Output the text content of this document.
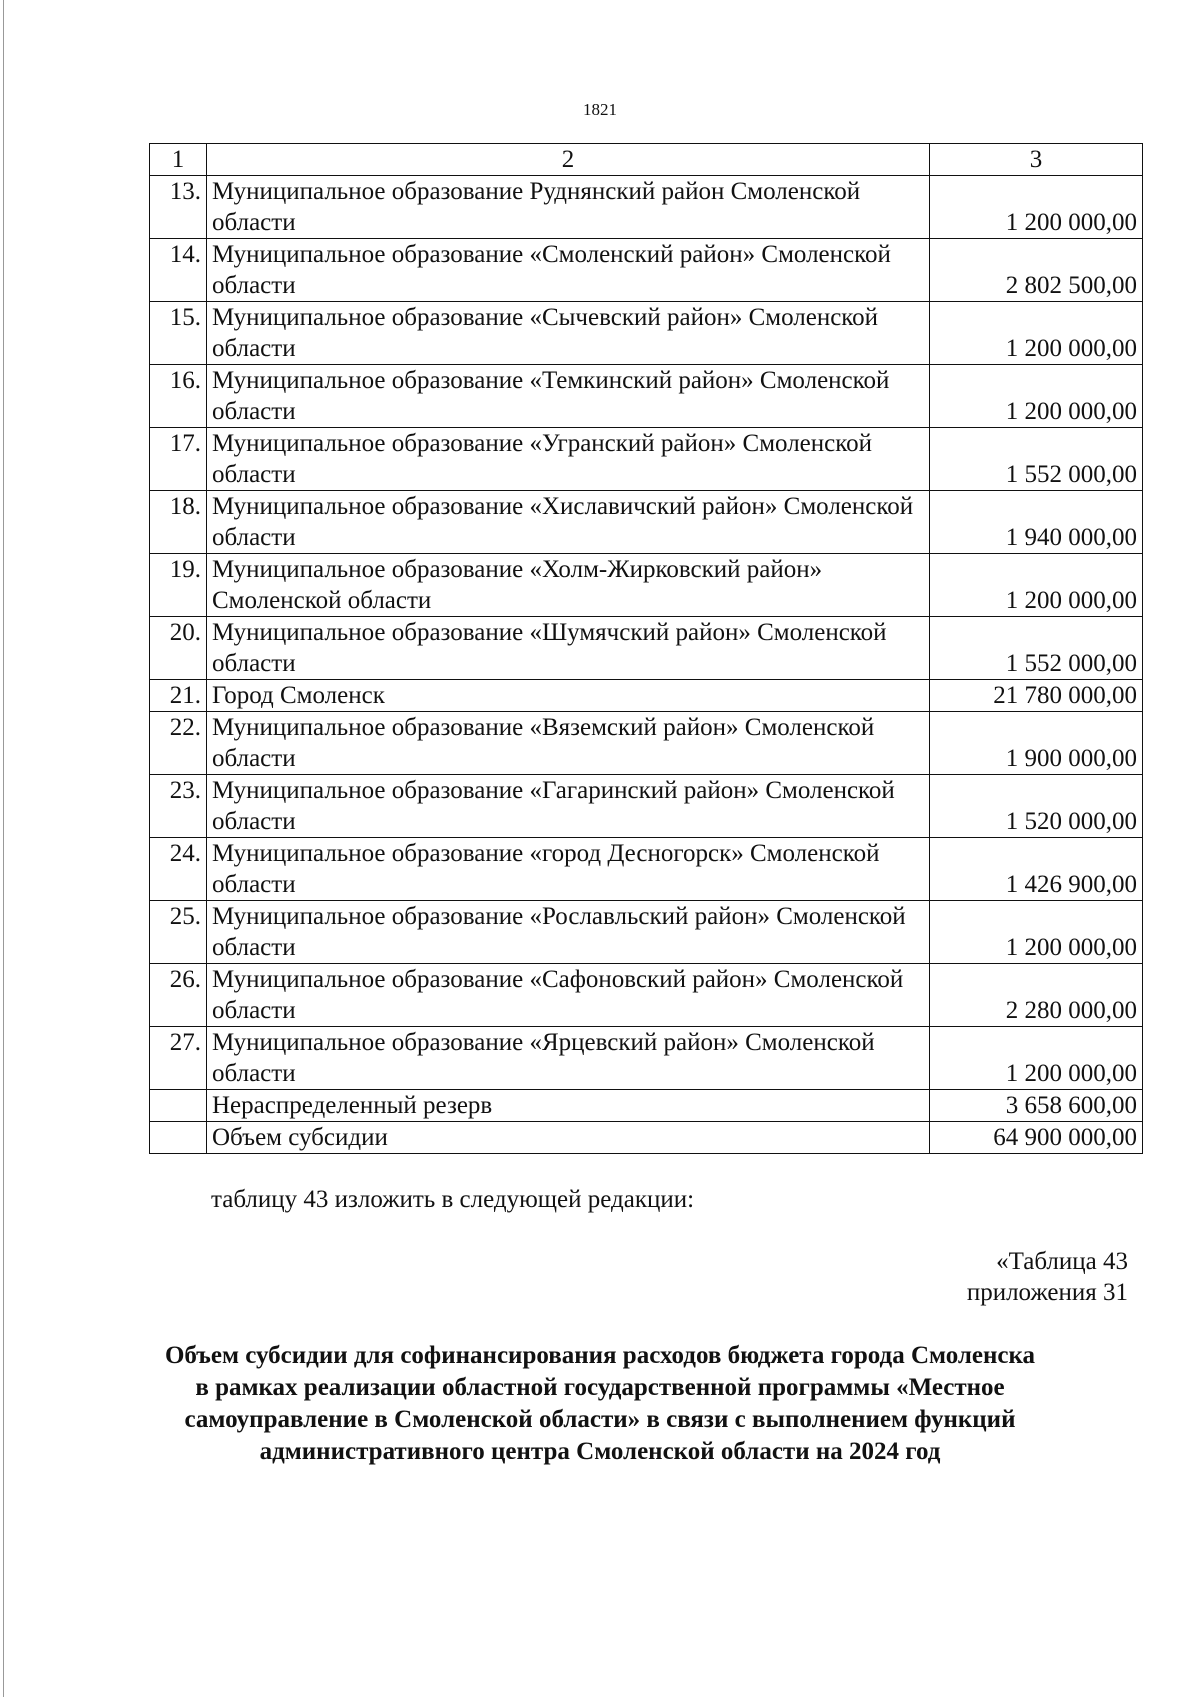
1821
1	2	3
13.	Муниципальное образование Руднянский район Смоленской области	1 200 000,00
14.	Муниципальное образование «Смоленский район» Смоленской области	2 802 500,00
15.	Муниципальное образование «Сычевский район» Смоленской области	1 200 000,00
16.	Муниципальное образование «Темкинский район» Смоленской области	1 200 000,00
17.	Муниципальное образование «Угранский район» Смоленской области	1 552 000,00
18.	Муниципальное образование «Хиславичский район» Смоленской области	1 940 000,00
19.	Муниципальное образование «Холм-Жирковский район» Смоленской области	1 200 000,00
20.	Муниципальное образование «Шумячский район» Смоленской области	1 552 000,00
21.	Город Смоленск	21 780 000,00
22.	Муниципальное образование «Вяземский район» Смоленской области	1 900 000,00
23.	Муниципальное образование «Гагаринский район» Смоленской области	1 520 000,00
24.	Муниципальное образование «город Десногорск» Смоленской области	1 426 900,00
25.	Муниципальное образование «Рославльский район» Смоленской области	1 200 000,00
26.	Муниципальное образование «Сафоновский район» Смоленской области	2 280 000,00
27.	Муниципальное образование «Ярцевский район» Смоленской области	1 200 000,00
	Нераспределенный резерв	3 658 600,00
	Объем субсидии	64 900 000,00
таблицу 43 изложить в следующей редакции:
«Таблица 43
приложения 31
Объем субсидии для софинансирования расходов бюджета города Смоленска
в рамках реализации областной государственной программы «Местное
самоуправление в Смоленской области» в связи с выполнением функций
административного центра Смоленской области на 2024 год
